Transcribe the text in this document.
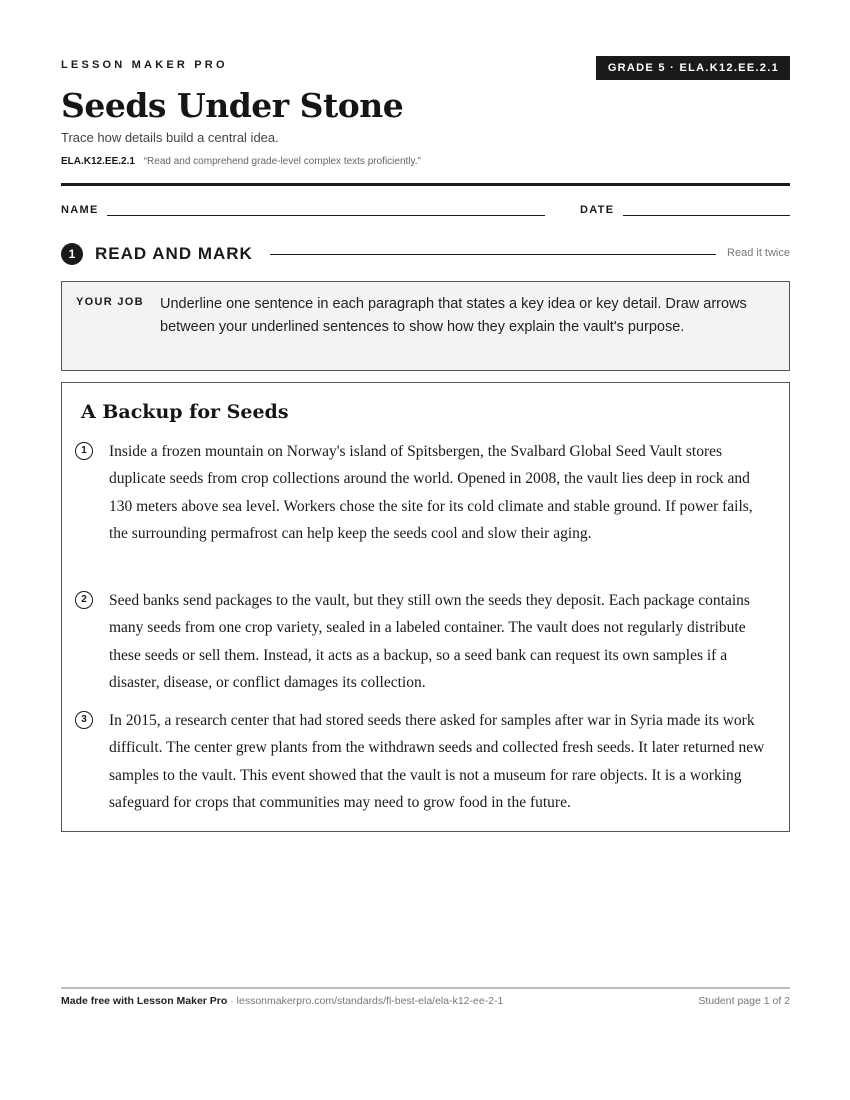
LESSON MAKER PRO	GRADE 5 · ELA.K12.EE.2.1
Seeds Under Stone
Trace how details build a central idea.
ELA.K12.EE.2.1 “Read and comprehend grade-level complex texts proficiently.”
NAME	DATE
1	READ AND MARK	Read it twice
YOUR JOB Underline one sentence in each paragraph that states a key idea or key detail. Draw arrows between your underlined sentences to show how they explain the vault's purpose.
A Backup for Seeds
1	Inside a frozen mountain on Norway's island of Spitsbergen, the Svalbard Global Seed Vault stores duplicate seeds from crop collections around the world. Opened in 2008, the vault lies deep in rock and 130 meters above sea level. Workers chose the site for its cold climate and stable ground. If power fails, the surrounding permafrost can help keep the seeds cool and slow their aging.

2	Seed banks send packages to the vault, but they still own the seeds they deposit. Each package contains many seeds from one crop variety, sealed in a labeled container. The vault does not regularly distribute these seeds or sell them. Instead, it acts as a backup, so a seed bank can request its own samples if a disaster, disease, or conflict damages its collection.

3	In 2015, a research center that had stored seeds there asked for samples after war in Syria made its work difficult. The center grew plants from the withdrawn seeds and collected fresh seeds. It later returned new samples to the vault. This event showed that the vault is not a museum for rare objects. It is a working safeguard for crops that communities may need to grow food in the future.

Made free with Lesson Maker Pro · lessonmakerpro.com/standards/fl-best-ela/ela-k12-ee-2-1	Student page 1 of 2
